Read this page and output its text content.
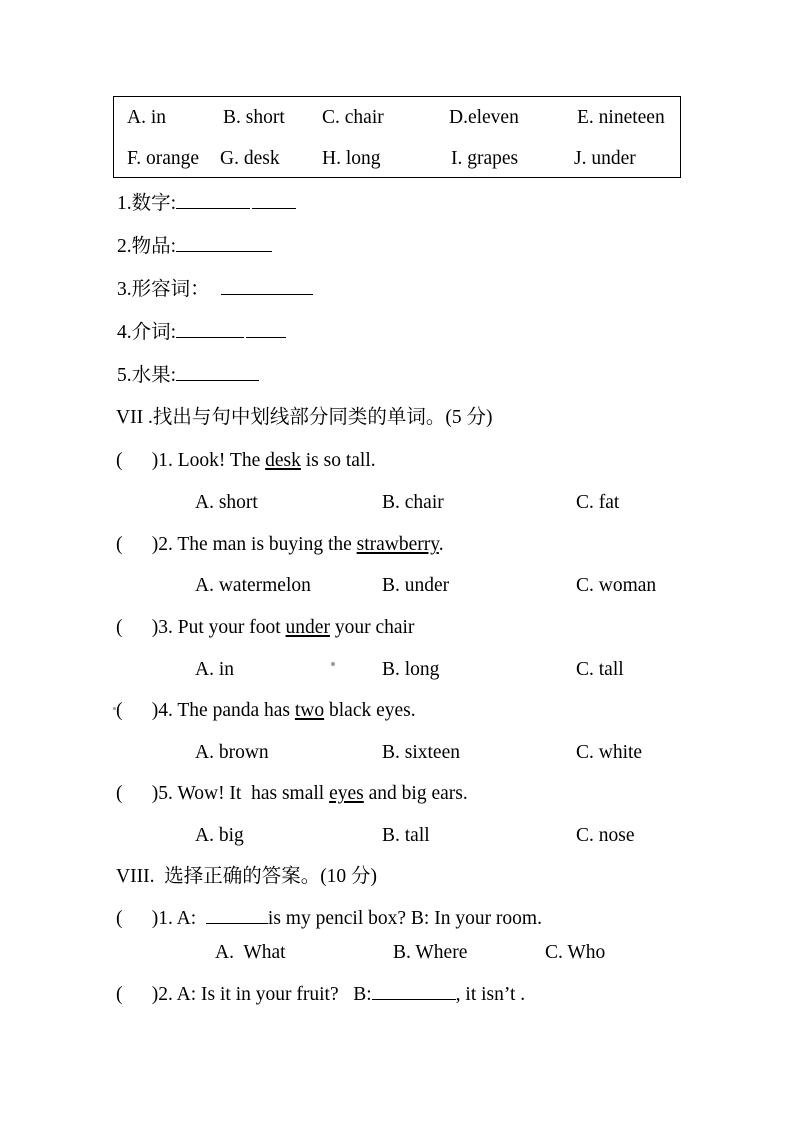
A. in	B. short C. chair	D.eleven	E. nineteen
F. orange G. desk H. long	I. grapes	J. under
1.数字:
2.物品:
3.形容词：
4.介词:
5.水果:
VII .找出与句中划线部分同类的单词。(5 分)
(      )1. Look! The desk is so tall.
A. short	B. chair	C. fat
(      )2. The man is buying the strawberry.
A. watermelon	B. under	C. woman
(      )3. Put your foot under your chair
A. in	B. long	C. tall
(      )4. The panda has two black eyes.
A. brown	B. sixteen	C. white
(      )5. Wow! It  has small eyes and big ears.
A. big	B. tall	C. nose
VIII.  选择正确的答案。(10 分)
(      )1. A:	is my pencil box? B: In your room.
A.  What	B. Where	C. Who
(      )2. A: Is it in your fruit?   B:	, it isn’t .
